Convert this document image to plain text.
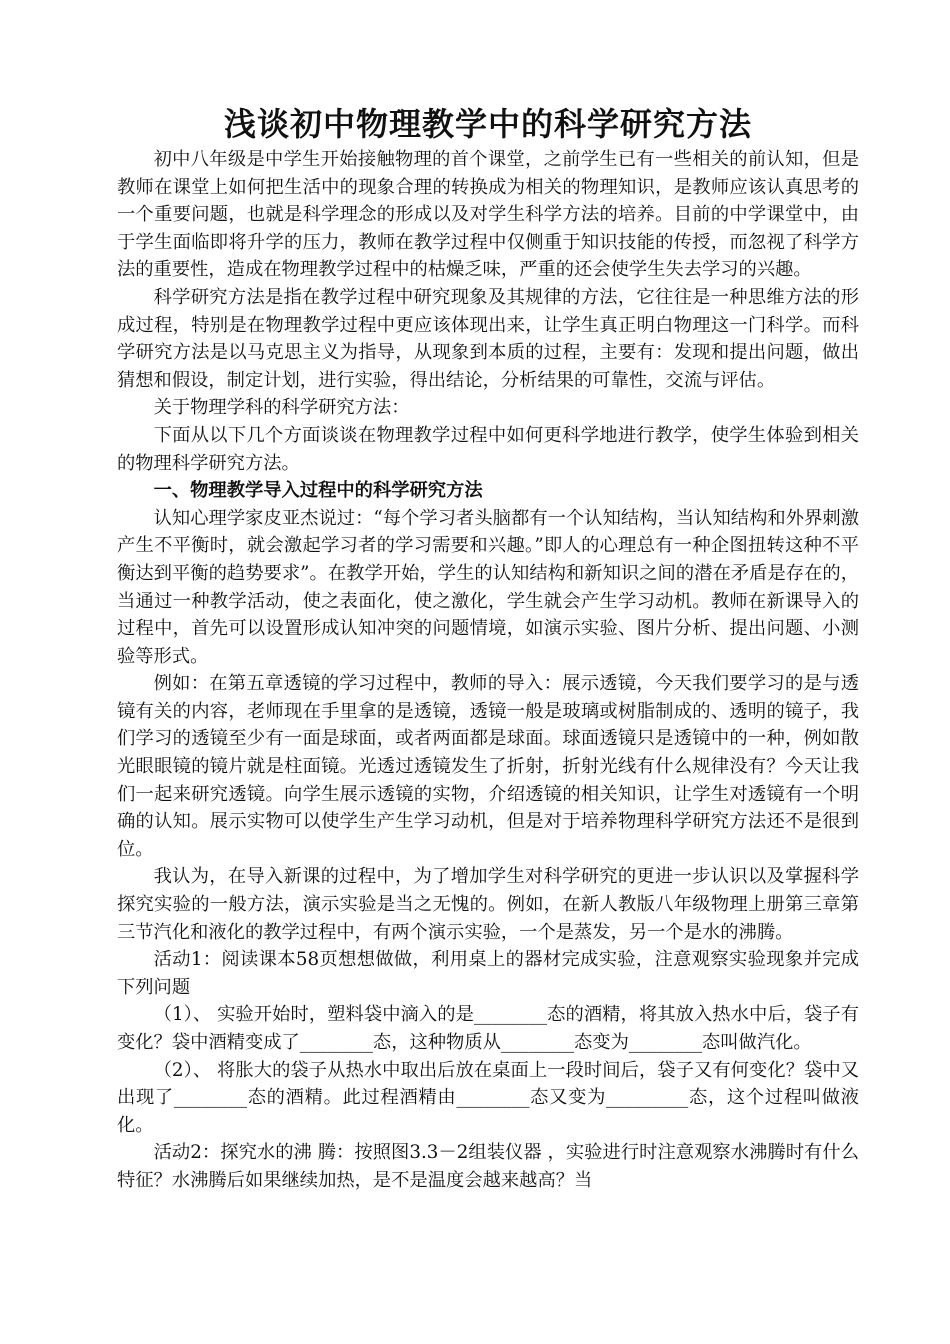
浅谈初中物理教学中的科学研究方法

初中八年级是中学生开始接触物理的首个课堂，之前学生已有一些相关的前认知，但是教师在课堂上如何把生活中的现象合理的转换成为相关的物理知识，是教师应该认真思考的一个重要问题，也就是科学理念的形成以及对学生科学方法的培养。目前的中学课堂中，由于学生面临即将升学的压力，教师在教学过程中仅侧重于知识技能的传授，而忽视了科学方法的重要性，造成在物理教学过程中的枯燥乏味，严重的还会使学生失去学习的兴趣。

科学研究方法是指在教学过程中研究现象及其规律的方法，它往往是一种思维方法的形成过程，特别是在物理教学过程中更应该体现出来，让学生真正明白物理这一门科学。而科学研究方法是以马克思主义为指导，从现象到本质的过程，主要有：发现和提出问题，做出猜想和假设，制定计划，进行实验，得出结论，分析结果的可靠性，交流与评估。

关于物理学科的科学研究方法：

下面从以下几个方面谈谈在物理教学过程中如何更科学地进行教学，使学生体验到相关的物理科学研究方法。

一、物理教学导入过程中的科学研究方法

认知心理学家皮亚杰说过：“每个学习者头脑都有一个认知结构，当认知结构和外界刺激产生不平衡时，就会激起学习者的学习需要和兴趣。”即人的心理总有一种企图扭转这种不平衡达到平衡的趋势要求”。在教学开始，学生的认知结构和新知识之间的潜在矛盾是存在的，当通过一种教学活动，使之表面化，使之激化，学生就会产生学习动机。教师在新课导入的过程中，首先可以设置形成认知冲突的问题情境，如演示实验、图片分析、提出问题、小测验等形式。

例如：在第五章透镜的学习过程中，教师的导入：展示透镜，今天我们要学习的是与透镜有关的内容，老师现在手里拿的是透镜，透镜一般是玻璃或树脂制成的、透明的镜子，我们学习的透镜至少有一面是球面，或者两面都是球面。球面透镜只是透镜中的一种，例如散光眼眼镜的镜片就是柱面镜。光透过透镜发生了折射，折射光线有什么规律没有？今天让我们一起来研究透镜。向学生展示透镜的实物，介绍透镜的相关知识，让学生对透镜有一个明确的认知。展示实物可以使学生产生学习动机，但是对于培养物理科学研究方法还不是很到位。

我认为，在导入新课的过程中，为了增加学生对科学研究的更进一步认识以及掌握科学探究实验的一般方法，演示实验是当之无愧的。例如，在新人教版八年级物理上册第三章第三节汽化和液化的教学过程中，有两个演示实验，一个是蒸发，另一个是水的沸腾。

活动1：阅读课本58页想想做做，利用桌上的器材完成实验，注意观察实验现象并完成下列问题

（1）、 实验开始时，塑料袋中滴入的是________态的酒精，将其放入热水中后，袋子有变化？袋中酒精变成了________态，这种物质从________态变为________态叫做汽化。

（2）、 将胀大的袋子从热水中取出后放在桌面上一段时间后，袋子又有何变化？袋中又出现了________态的酒精。此过程酒精由________态又变为_________态，这个过程叫做液化。

活动2：探究水的沸 腾：按照图3.3－2组装仪器 ，实验进行时注意观察水沸腾时有什么特征？水沸腾后如果继续加热，是不是温度会越来越高？当
